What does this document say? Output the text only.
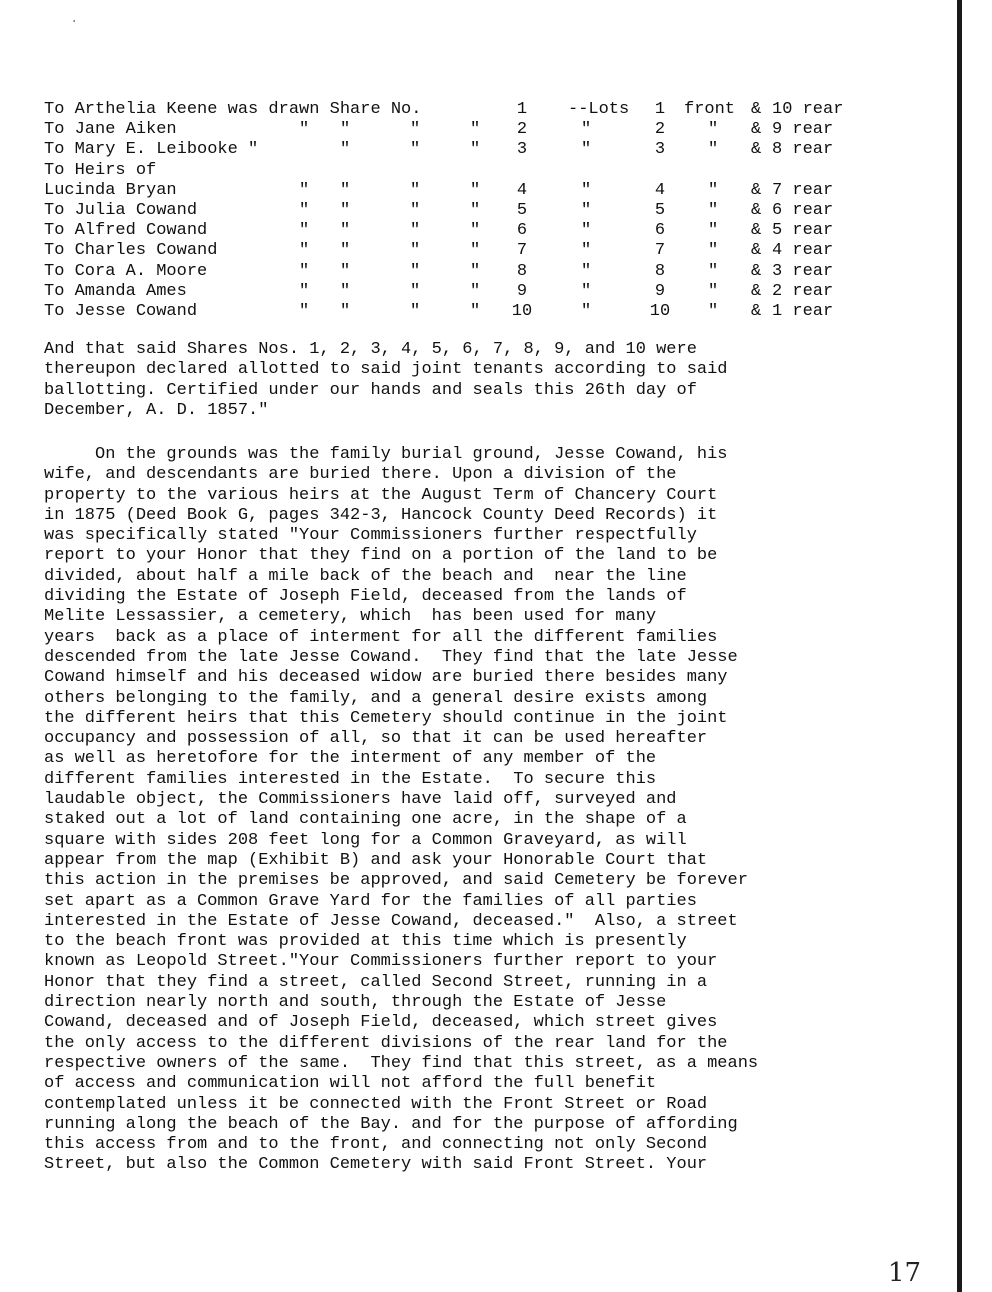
·
To Arthelia Keene was drawn Share No.	1	--Lots	1	front & 10 rear
To Jane Aiken	" "	"	"	2	"	2	" & 9 rear
To Mary E. Leibooke "	"	"	"	3	"	3	" & 8 rear
To Heirs of
Lucinda Bryan	" "	"	"	4	"	4	" & 7 rear
To Julia Cowand	" "	"	"	5	"	5	" & 6 rear
To Alfred Cowand	" "	"	"	6	"	6	" & 5 rear
To Charles Cowand	" "	"	"	7	"	7	" & 4 rear
To Cora A. Moore	" "	"	"	8	"	8	" & 3 rear
To Amanda Ames	" "	"	"	9	"	9	" & 2 rear
To Jesse Cowand	" "	"	"	10	"	10	" & 1 rear

And that said Shares Nos. 1, 2, 3, 4, 5, 6, 7, 8, 9, and 10 were
thereupon declared allotted to said joint tenants according to said
ballotting. Certified under our hands and seals this 26th day of
December, A. D. 1857."

On the grounds was the family burial ground, Jesse Cowand, his
wife, and descendants are buried there. Upon a division of the
property to the various heirs at the August Term of Chancery Court
in 1875 (Deed Book G, pages 342-3, Hancock County Deed Records) it
was specifically stated "Your Commissioners further respectfully
report to your Honor that they find on a portion of the land to be
divided, about half a mile back of the beach and  near the line
dividing the Estate of Joseph Field, deceased from the lands of
Melite Lessassier, a cemetery, which  has been used for many
years  back as a place of interment for all the different families
descended from the late Jesse Cowand.  They find that the late Jesse
Cowand himself and his deceased widow are buried there besides many
others belonging to the family, and a general desire exists among
the different heirs that this Cemetery should continue in the joint
occupancy and possession of all, so that it can be used hereafter
as well as heretofore for the interment of any member of the
different families interested in the Estate.  To secure this
laudable object, the Commissioners have laid off, surveyed and
staked out a lot of land containing one acre, in the shape of a
square with sides 208 feet long for a Common Graveyard, as will
appear from the map (Exhibit B) and ask your Honorable Court that
this action in the premises be approved, and said Cemetery be forever
set apart as a Common Grave Yard for the families of all parties
interested in the Estate of Jesse Cowand, deceased."  Also, a street
to the beach front was provided at this time which is presently
known as Leopold Street."Your Commissioners further report to your
Honor that they find a street, called Second Street, running in a
direction nearly north and south, through the Estate of Jesse
Cowand, deceased and of Joseph Field, deceased, which street gives
the only access to the different divisions of the rear land for the
respective owners of the same.  They find that this street, as a means
of access and communication will not afford the full benefit
contemplated unless it be connected with the Front Street or Road
running along the beach of the Bay. and for the purpose of affording
this access from and to the front, and connecting not only Second
Street, but also the Common Cemetery with said Front Street. Your

17
